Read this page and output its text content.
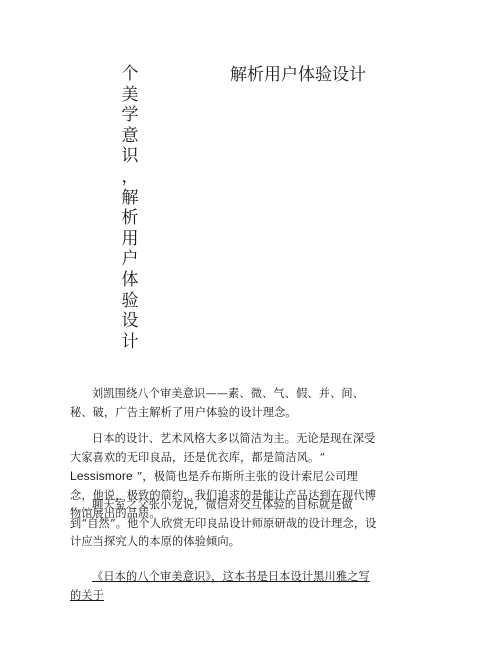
个
美
学
意
识
，
解
析
用
户
体
验
设
计
解析用户体验设计

刘凯围绕八个审美意识——素、微、气、假、并、间、秘、破，广告主解析了用户体验的设计理念。

日本的设计、艺术风格大多以简洁为主。无论是现在深受大家喜欢的无印良品，还是优衣库，都是简洁风。“ Lessismore ”，极简也是乔布斯所主张的设计索尼公司理念，他说，极致的简约，我们追求的是能让产品达到在现代博物馆展出的品质。

聊天室之父张小龙说，微信对交互体验的目标就是做到“自然”。他个人欣赏无印良品设计师原研哉的设计理念，设计应当探究人的本原的体验倾向。

《日本的八个审美意识》，这本书是日本设计黑川雅之写的关于
